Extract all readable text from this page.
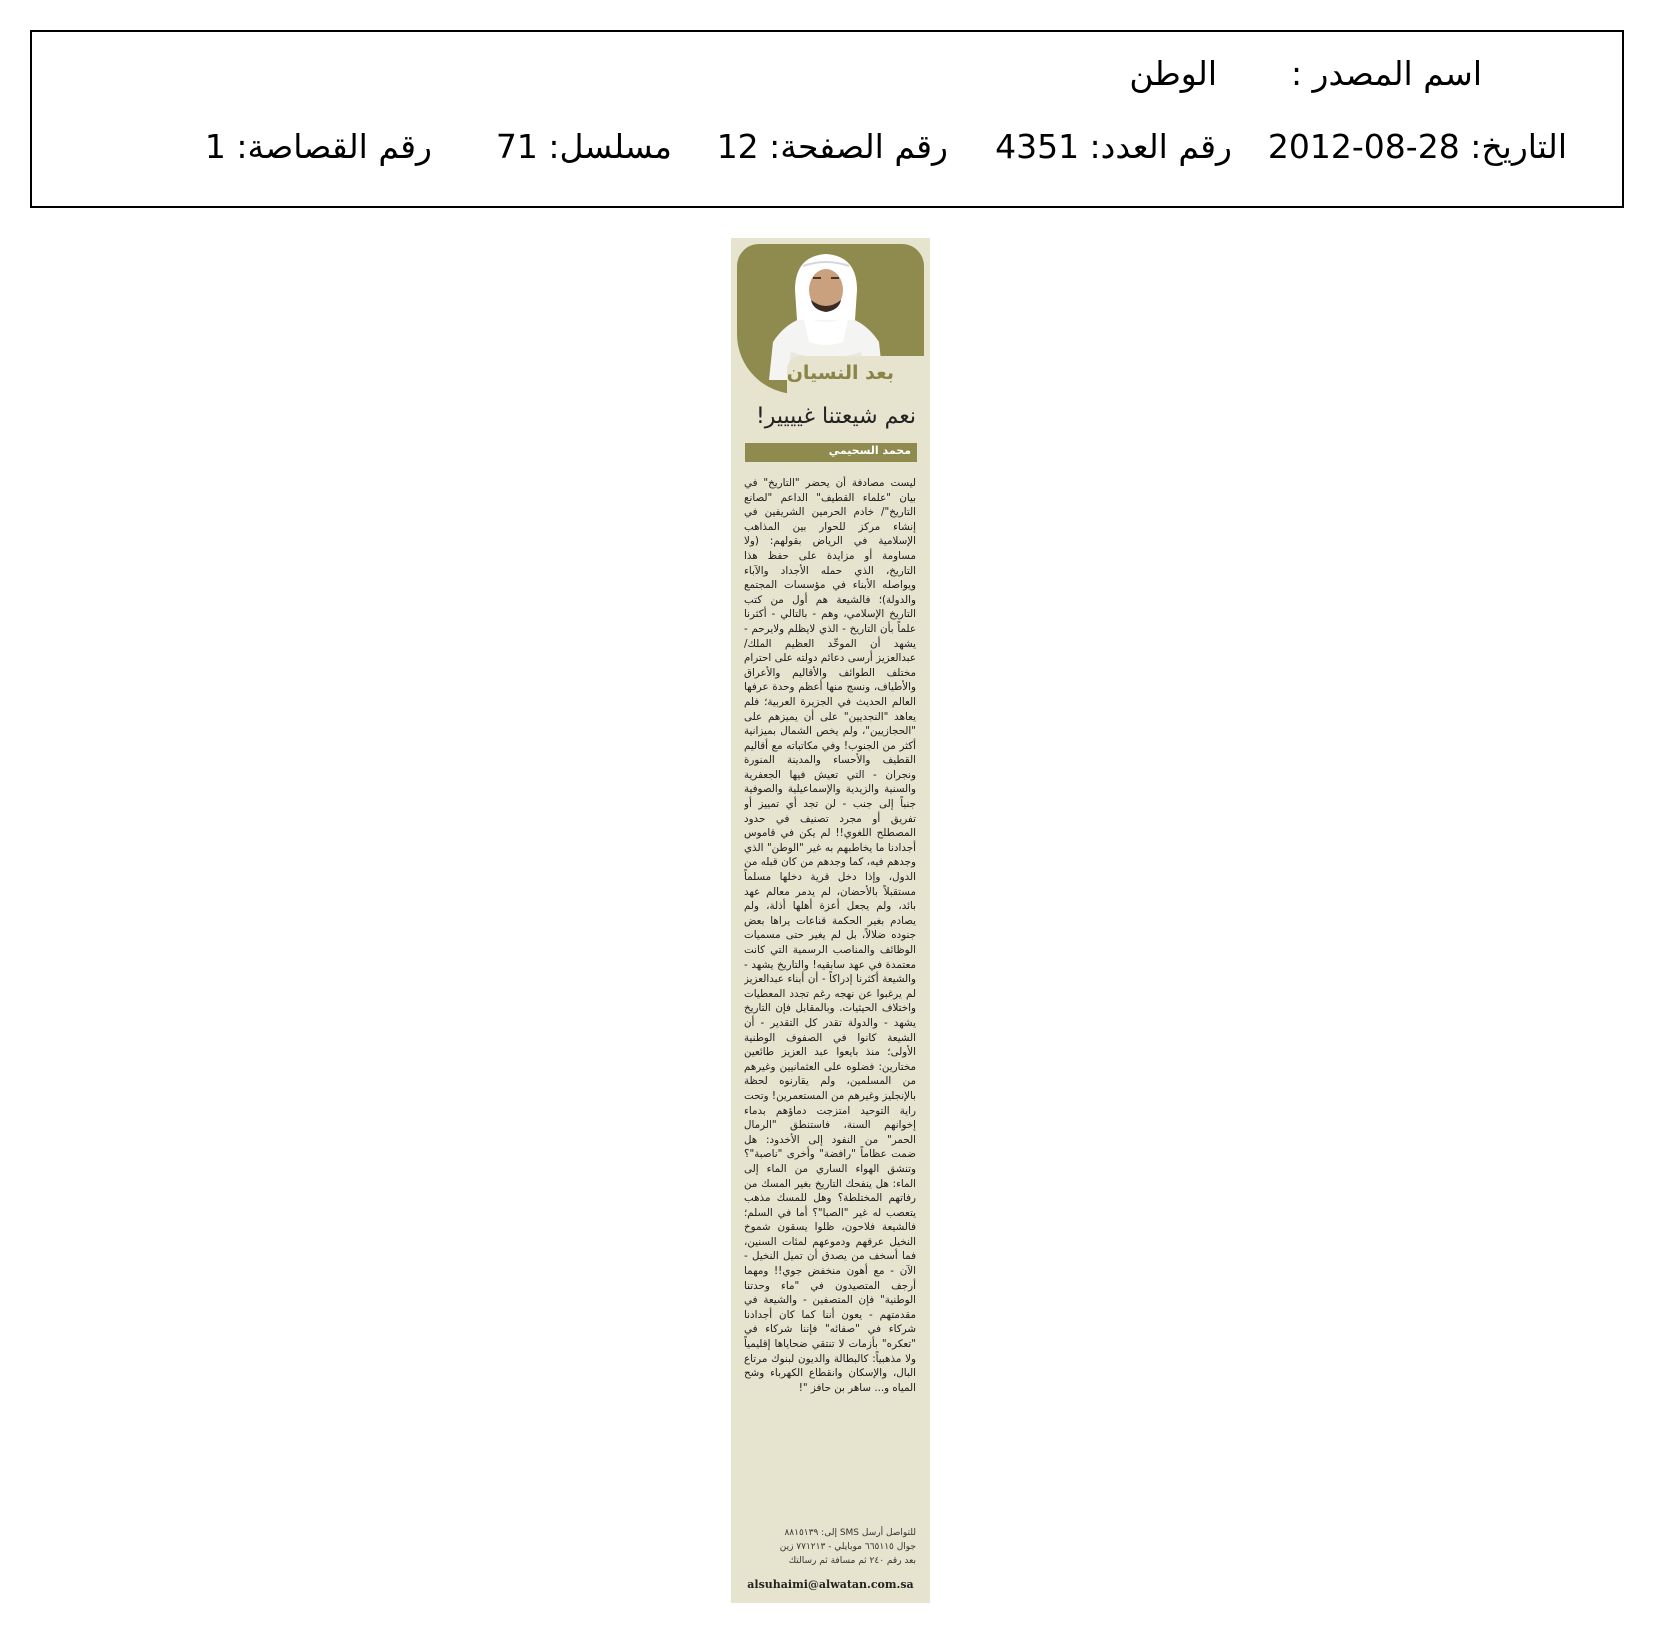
اسم المصدر :
الوطن
التاريخ: 28-08-2012
رقم العدد: 4351
رقم الصفحة: 12
مسلسل: 71
رقم القصاصة: 1
بعد النسيان
نعم شيعتنا غيييير!
محمد السحيمي
ليست مصادفة أن يحضر "التاريخ" في بيان "علماء القطيف" الداعم "لصانع التاريخ"/ خادم الحرمين الشريفين في إنشاء مركز للحوار بين المذاهب الإسلامية في الرياض بقولهم: (ولا مساومة أو مزايدة على حفظ هذا التاريخ، الذي حمله الأجداد والآباء ويواصله الأبناء في مؤسسات المجتمع والدولة)؛ فالشيعة هم أول من كتب التاريخ الإسلامي، وهم - بالتالي - أكثرنا علماً بأن التاريخ - الذي لايظلم ولايرحم - يشهد أن الموحِّد العظيم الملك/ عبدالعزيز أرسى دعائم دولته على احترام مختلف الطوائف والأقاليم والأعراق والأطياف، ونسج منها أعظم وحدة عرفها العالم الحديث في الجزيرة العربية؛ فلم يعاهد "النجديين" على أن يميزهم على "الحجازيين"، ولم يخص الشمال بميزانية أكثر من الجنوب! وفي مكاتباته مع أقاليم القطيف والأحساء والمدينة المنورة ونجران - التي تعيش فيها الجعفرية والسنية والزيدية والإسماعيلية والصوفية جنباً إلى جنب - لن تجد أي تمييز أو تفريق أو مجرد تصنيف في حدود المصطلح اللغوي!! لم يكن في قاموس أجدادنا ما يخاطبهم به غير "الوطن" الذي وجدهم فيه، كما وجدهم من كان قبله من الدول، وإذا دخل قرية دخلها مسلماً مستقبلاً بالأحضان، لم يدمر معالم عهد بائد، ولم يجعل أعزة أهلها أذلة، ولم يصادم بغير الحكمة قناعات يراها بعض جنوده ضلالاً، بل لم يغير حتى مسميات الوظائف والمناصب الرسمية التي كانت معتمدة في عهد سابقيه! والتاريخ يشهد - والشيعة أكثرنا إدراكاً - أن أبناء عبدالعزيز لم يرغبوا عن نهجه رغم تجدد المعطيات واختلاف الحيثيات. وبالمقابل فإن التاريخ يشهد - والدولة تقدر كل التقدير - أن الشيعة كانوا في الصفوف الوطنية الأولى؛ منذ بايعوا عبد العزيز طائعين مختارين: فضلوه على العثمانيين وغيرهم من المسلمين، ولم يقارنوه لحظة بالإنجليز وغيرهم من المستعمرين! وتحت راية التوحيد امتزجت دماؤهم بدماء إخوانهم السنة، فاستنطق "الرمال الحمر" من النفود إلى الأخدود: هل ضمت عظاماً "رافضة" وأخرى "ناصبة"؟ وتنشق الهواء الساري من الماء إلى الماء: هل ينفحك التاريخ بغير المسك من رفاتهم المختلطة؟ وهل للمسك مذهب يتعصب له غير "الصبا"؟ أما في السلم؛ فالشيعة فلاحون، ظلوا يسقون شموخ النخيل عرقهم ودموعهم لمئات السنين، فما أسخف من يصدق أن تميل النخيل - الآن - مع أهون منخفض جوي!! ومهما أرجف المتصيدون في "ماء وحدتنا الوطنية" فإن المتصفين - والشيعة في مقدمتهم - يعون أننا كما كان أجدادنا شركاء في "صفائه" فإننا شركاء في "تعكره" بأزمات لا تنتقي ضحاياها إقليمياً ولا مذهبياً: كالبطالة والديون لبنوك مرتاع البال، والإسكان وانقطاع الكهرباء وشح المياه و... ساهر بن حافز "!
للتواصل أرسل SMS إلى: ٨٨١٥١٣٩
جوال ٦٦٥١١٥ موبايلي - ٧٧١٢١٣ زين
بعد رقم ٢٤٠ ثم مسافة ثم رسالتك
alsuhaimi@alwatan.com.sa
